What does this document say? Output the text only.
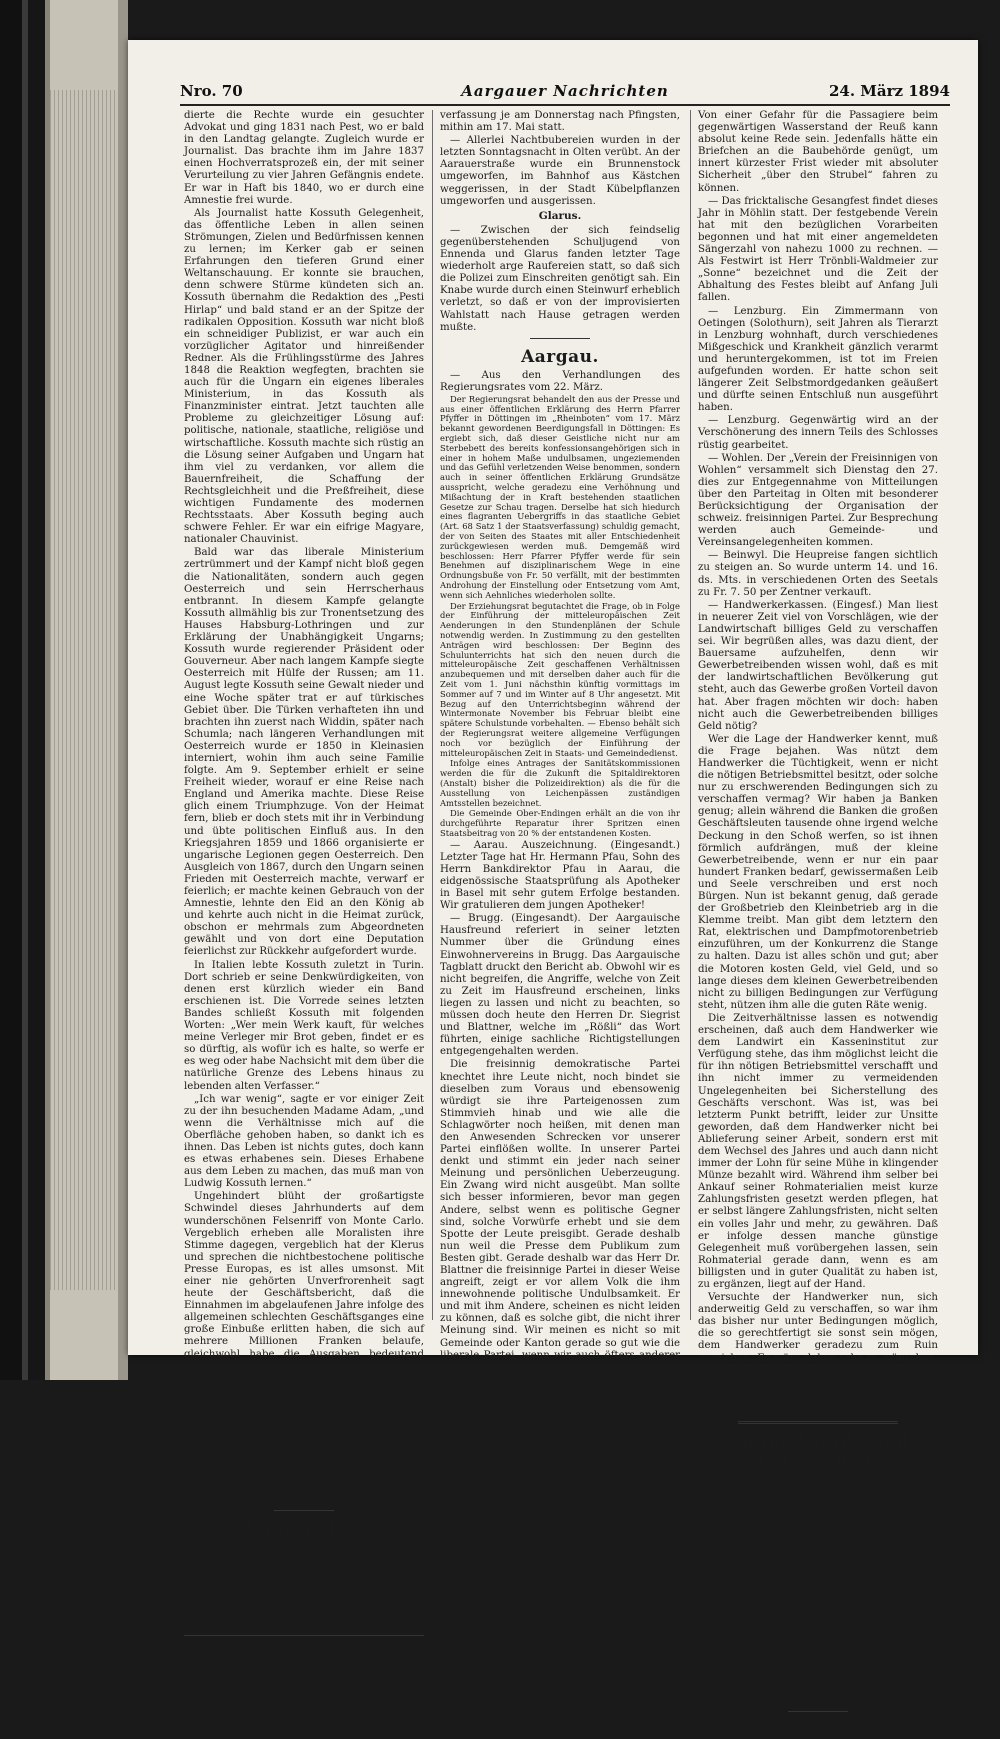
Nro. 70	Aargauer Nachrichten	24. März 1894

dierte die Rechte wurde ein gesuchter Advokat und ging 1831 nach Pest, wo er bald in den Landtag gelangte. Zugleich wurde er Journalist. Das brachte ihm im Jahre 1837 einen Hochverratsprozeß ein, der mit seiner Verurteilung zu vier Jahren Gefängnis endete. Er war in Haft bis 1840, wo er durch eine Amnestie frei wurde.

Als Journalist hatte Kossuth Gelegenheit, das öffentliche Leben in allen seinen Strömungen, Zielen und Bedürfnissen kennen zu lernen; im Kerker gab er seinen Erfahrungen den tieferen Grund einer Weltanschauung. Er konnte sie brauchen, denn schwere Stürme kündeten sich an. Kossuth übernahm die Redaktion des „Pesti Hirlap“ und bald stand er an der Spitze der radikalen Opposition. Kossuth war nicht bloß ein schneidiger Publizist, er war auch ein vorzüglicher Agitator und hinreißender Redner. Als die Frühlingsstürme des Jahres 1848 die Reaktion wegfegten, brachten sie auch für die Ungarn ein eigenes liberales Ministerium, in das Kossuth als Finanzminister eintrat. Jetzt tauchten alle Probleme zu gleichzeitiger Lösung auf: politische, nationale, staatliche, religiöse und wirtschaftliche. Kossuth machte sich rüstig an die Lösung seiner Aufgaben und Ungarn hat ihm viel zu verdanken, vor allem die Bauernfreiheit, die Schaffung der Rechtsgleichheit und die Preßfreiheit, diese wichtigen Fundamente des modernen Rechtsstaats. Aber Kossuth beging auch schwere Fehler. Er war ein eifrige Magyare, nationaler Chauvinist.

Bald war das liberale Ministerium zertrümmert und der Kampf nicht bloß gegen die Nationalitäten, sondern auch gegen Oesterreich und sein Herrscherhaus entbrannt. In diesem Kampfe gelangte Kossuth allmählig bis zur Tronentsetzung des Hauses Habsburg-Lothringen und zur Erklärung der Unabhängigkeit Ungarns; Kossuth wurde regierender Präsident oder Gouverneur. Aber nach langem Kampfe siegte Oesterreich mit Hülfe der Russen; am 11. August legte Kossuth seine Gewalt nieder und eine Woche später trat er auf türkisches Gebiet über. Die Türken verhafteten ihn und brachten ihn zuerst nach Widdin, später nach Schumla; nach längeren Verhandlungen mit Oesterreich wurde er 1850 in Kleinasien interniert, wohin ihm auch seine Familie folgte. Am 9. September erhielt er seine Freiheit wieder, worauf er eine Reise nach England und Amerika machte. Diese Reise glich einem Triumphzuge. Von der Heimat fern, blieb er doch stets mit ihr in Verbindung und übte politischen Einfluß aus. In den Kriegsjahren 1859 und 1866 organisierte er ungarische Legionen gegen Oesterreich. Den Ausgleich von 1867, durch den Ungarn seinen Frieden mit Oesterreich machte, verwarf er feierlich; er machte keinen Gebrauch von der Amnestie, lehnte den Eid an den König ab und kehrte auch nicht in die Heimat zurück, obschon er mehrmals zum Abgeordneten gewählt und von dort eine Deputation feierlichst zur Rückkehr aufgefordert wurde.

In Italien lebte Kossuth zuletzt in Turin. Dort schrieb er seine Denkwürdigkeiten, von denen erst kürzlich wieder ein Band erschienen ist. Die Vorrede seines letzten Bandes schließt Kossuth mit folgenden Worten: „Wer mein Werk kauft, für welches meine Verleger mir Brot geben, findet er es so dürftig, als wofür ich es halte, so werfe er es weg oder habe Nachsicht mit dem über die natürliche Grenze des Lebens hinaus zu lebenden alten Verfasser.“

„Ich war wenig“, sagte er vor einiger Zeit zu der ihn besuchenden Madame Adam, „und wenn die Verhältnisse mich auf die Oberfläche gehoben haben, so dankt ich es ihnen. Das Leben ist nichts gutes, doch kann es etwas erhabenes sein. Dieses Erhabene aus dem Leben zu machen, das muß man von Ludwig Kossuth lernen.“

Ungehindert blüht der großartigste Schwindel dieses Jahrhunderts auf dem wunderschönen Felsenriff von Monte Carlo. Vergeblich erheben alle Moralisten ihre Stimme dagegen, vergeblich hat der Klerus und sprechen die nichtbestochene politische Presse Europas, es ist alles umsonst. Mit einer nie gehörten Unverfrorenheit sagt heute der Geschäftsbericht, daß die Einnahmen im abgelaufenen Jahre infolge des allgemeinen schlechten Geschäftsganges eine große Einbuße erlitten haben, die sich auf mehrere Millionen Franken belaufe, gleichwohl habe die Ausgaben bedeutend gestiegen sein. Es verzehren jetzt in Monte Carlo täglich 90 Züge, die teilweise von der Spielbank erhalten werden. Die Einnahmen der Spielbank dürften 1893 etwa 37 Millionen Franken betragen haben. Davon sind jedoch 20 Prozent für die Spielverluste der Bank in Abrechnung zu bringen, dann 12 Millionen Franken für das Fürstentum Monaco, Eisenbahnen, Neubauten u. s. w., sodaß für die Aktionäre „nur“ 16 Millionen Franken übrig bleiben. Ob es nicht doch des Sündengeldes mehr als genug wäre.

Kantonales.
Solothurn.

— Der Kirchgemeinderat der christkatholischen Kirche in Solothurn hat die Uebernahme der diesjährigen Nationalsynode der christkatholischen Kirche der Schweiz beschlossen. Dieselbe findet nach Vorschrift der Kirchen-

Barons Platz nahm, um sofort die Durchsuchung der Papiere zu beginnen; er tat mit ehrerbietiger Höflichkeit Jda ein, seine Tätigkeit zu beaufsichtigen; es sei ihm eine peinliche Pflichterfüllung, in diesen fremden Papieren und Briefen suchen zu müssen, aber es werde sehr erleichtert, wenn die Tochter des Barons die Kontrollierte. Eine Viertelstunde mochte etwa vergangen sein, da erklangen schnelle Schritte auf dem Gange draußen; die Tür wurde geöffnet, Werder trat in das Zimmer.

verfassung je am Donnerstag nach Pfingsten, mithin am 17. Mai statt.

— Allerlei Nachtbubereien wurden in der letzten Sonntagsnacht in Olten verübt. An der Aarauerstraße wurde ein Brunnenstock umgeworfen, im Bahnhof aus Kästchen weggerissen, in der Stadt Kübelpflanzen umgeworfen und ausgerissen.

Glarus.

— Zwischen der sich feindselig gegenüberstehenden Schuljugend von Ennenda und Glarus fanden letzter Tage wiederholt arge Raufereien statt, so daß sich die Polizei zum Einschreiten genötigt sah. Ein Knabe wurde durch einen Steinwurf erheblich verletzt, so daß er von der improvisierten Wahlstatt nach Hause getragen werden mußte.

Aargau.

— Aus den Verhandlungen des Regierungsrates vom 22. März.

Der Regierungsrat behandelt den aus der Presse und aus einer öffentlichen Erklärung des Herrn Pfarrer Pfyffer in Döttingen im „Rheinboten“ vom 17. März bekannt gewordenen Beerdigungsfall in Döttingen: Es ergiebt sich, daß dieser Geistliche nicht nur am Sterbebett des bereits konfessionsangehörigen sich in einer in hohem Maße undulbsamen, ungeziemenden und das Gefühl verletzenden Weise benommen, sondern auch in seiner öffentlichen Erklärung Grundsätze ausspricht, welche geradezu eine Verhöhnung und Mißachtung der in Kraft bestehenden staatlichen Gesetze zur Schau tragen. Derselbe hat sich hiedurch eines flagranten Uebergriffs in das staatliche Gebiet (Art. 68 Satz 1 der Staatsverfassung) schuldig gemacht, der von Seiten des Staates mit aller Entschiedenheit zurückgewiesen werden muß. Demgemäß wird beschlossen: Herr Pfarrer Pfyffer werde für sein Benehmen auf disziplinarischem Wege in eine Ordnungsbuße von Fr. 50 verfällt, mit der bestimmten Androhung der Einstellung oder Entsetzung vom Amt, wenn sich Aehnliches wiederholen sollte.

Der Erziehungsrat begutachtet die Frage, ob in Folge der Einführung der mitteleuropäischen Zeit Aenderungen in den Stundenplänen der Schule notwendig werden. In Zustimmung zu den gestellten Anträgen wird beschlossen: Der Beginn des Schulunterrichts hat sich den neuen durch die mitteleuropäische Zeit geschaffenen Verhältnissen anzubequemen und mit derselben daher auch für die Zeit vom 1. Juni nächsthin künftig vormittags im Sommer auf 7 und im Winter auf 8 Uhr angesetzt. Mit Bezug auf den Unterrichtsbeginn während der Wintermonate November bis Februar bleibt eine spätere Schulstunde vorbehalten. — Ebenso behält sich der Regierungsrat weitere allgemeine Verfügungen noch vor bezüglich der Einführung der mitteleuropäischen Zeit in Staats- und Gemeindedienst.

Infolge eines Antrages der Sanitätskommissionen werden die für die Zukunft die Spitaldirektoren (Anstalt) bisher die Polizeidirektion) als die für die Ausstellung von Leichenpässen zuständigen Amtsstellen bezeichnet.

Die Gemeinde Ober-Endingen erhält an die von ihr durchgeführte Reparatur ihrer Spritzen einen Staatsbeitrag von 20 % der entstandenen Kosten.

— Aarau. Auszeichnung. (Eingesandt.) Letzter Tage hat Hr. Hermann Pfau, Sohn des Herrn Bankdirektor Pfau in Aarau, die eidgenössische Staatsprüfung als Apotheker in Basel mit sehr gutem Erfolge bestanden. Wir gratulieren dem jungen Apotheker!

— Brugg. (Eingesandt). Der Aargauische Hausfreund referiert in seiner letzten Nummer über die Gründung eines Einwohnervereins in Brugg. Das Aargauische Tagblatt druckt den Bericht ab. Obwohl wir es nicht begreifen, die Angriffe, welche von Zeit zu Zeit im Hausfreund erscheinen, links liegen zu lassen und nicht zu beachten, so müssen doch heute den Herren Dr. Siegrist und Blattner, welche im „Rößli“ das Wort führten, einige sachliche Richtigstellungen entgegengehalten werden.

Die freisinnig demokratische Partei knechtet ihre Leute nicht, noch bindet sie dieselben zum Voraus und ebensowenig würdigt sie ihre Parteigenossen zum Stimmvieh hinab und wie alle die Schlagwörter noch heißen, mit denen man den Anwesenden Schrecken vor unserer Partei einflößen wollte. In unserer Partei denkt und stimmt ein jeder nach seiner Meinung und persönlichen Ueberzeugung. Ein Zwang wird nicht ausgeübt. Man sollte sich besser informieren, bevor man gegen Andere, selbst wenn es politische Gegner sind, solche Vorwürfe erhebt und sie dem Spotte der Leute preisgibt. Gerade deshalb nun weil die Presse dem Publikum zum Besten gibt. Gerade deshalb war das Herr Dr. Blattner die freisinnige Partei in dieser Weise angreift, zeigt er vor allem Volk die ihm innewohnende politische Undulbsamkeit. Er und mit ihm Andere, scheinen es nicht leiden zu können, daß es solche gibt, die nicht ihrer Meinung sind. Wir meinen es nicht so mit Gemeinde oder Kanton gerade so gut wie die liberale Partei, wenn wir auch öfters anderer Meinung sind als diese. Der Einwohnerverein in Brugg wurde ganz speziell als Rüstzeug gegen die freisinnig demokratische Partei gegründet. Die Gründung wurde durch Unterschriftensammlung eingeleitet, welche den Zweck gehabt haben soll, zu wissen, wer in Brugg zur liberalen Partei stehe. In der Sitzung des Initiativkomitee blieb der Antrag, Jedermann öffentlich zur Gründung in's „Rößli“ einzuladen, in Minderheit und es wurde beschlossen, nur den Hand gesinnungstüchtige einzuladen. Ein auf solch einseitiger Grundlage gegründeter Verein ist nicht geeignet, die Gegensätze zu versöhnen, weil er eben selbst fest auf dem Boden einer Partei steht. Trotzdem aber maßt er sich den Namen Einwohnerverein an, als ob er die ganze Einwohnerschaft vertrete.

— Baden. * Infolge der Interpellation im Großen Rat hat letzter Tage eine genaue Untersuchung der im Privatbesitz befindlichen Neußfähre Gnadenthal stattgefunden.

Wie wir vernehmen, sollen die Fähreinrichtungen einem starken Hochwasser gegenüber allerdings in einigen Beziehungen nicht alle wünschbaren Garantien bieten. Die Anstalt Gnadenthal, als derzeitige Besitzerin der Fähre ist daher angewiesen worden, eine Anzahl Reparaturen vorzunehmen.

Von einer Gefahr für die Passagiere beim gegenwärtigen Wasserstand der Reuß kann absolut keine Rede sein. Jedenfalls hätte ein Briefchen an die Baubehörde genügt, um innert kürzester Frist wieder mit absoluter Sicherheit „über den Strubel“ fahren zu können.

— Das fricktalische Gesangfest findet dieses Jahr in Möhlin statt. Der festgebende Verein hat mit den bezüglichen Vorarbeiten begonnen und hat mit einer angemeldeten Sängerzahl von nahezu 1000 zu rechnen. — Als Festwirt ist Herr Trönbli-Waldmeier zur „Sonne“ bezeichnet und die Zeit der Abhaltung des Festes bleibt auf Anfang Juli fallen.

— Lenzburg. Ein Zimmermann von Oetingen (Solothurn), seit Jahren als Tierarzt in Lenzburg wohnhaft, durch verschiedenes Mißgeschick und Krankheit gänzlich verarmt und heruntergekommen, ist tot im Freien aufgefunden worden. Er hatte schon seit längerer Zeit Selbstmordgedanken geäußert und dürfte seinen Entschluß nun ausgeführt haben.

— Lenzburg. Gegenwärtig wird an der Verschönerung des innern Teils des Schlosses rüstig gearbeitet.

— Wohlen. Der „Verein der Freisinnigen von Wohlen“ versammelt sich Dienstag den 27. dies zur Entgegennahme von Mitteilungen über den Parteitag in Olten mit besonderer Berücksichtigung der Organisation der schweiz. freisinnigen Partei. Zur Besprechung werden auch Gemeinde- und Vereinsangelegenheiten kommen.

— Beinwyl. Die Heupreise fangen sichtlich zu steigen an. So wurde unterm 14. und 16. ds. Mts. in verschiedenen Orten des Seetals zu Fr. 7. 50 per Zentner verkauft.

— Handwerkerkassen. (Eingesf.) Man liest in neuerer Zeit viel von Vorschlägen, wie der Landwirtschaft billiges Geld zu verschaffen sei. Wir begrüßen alles, was dazu dient, der Bauersame aufzuhelfen, denn wir Gewerbetreibenden wissen wohl, daß es mit der landwirtschaftlichen Bevölkerung gut steht, auch das Gewerbe großen Vorteil davon hat. Aber fragen möchten wir doch: haben nicht auch die Gewerbetreibenden billiges Geld nötig?

Wer die Lage der Handwerker kennt, muß die Frage bejahen. Was nützt dem Handwerker die Tüchtigkeit, wenn er nicht die nötigen Betriebsmittel besitzt, oder solche nur zu erschwerenden Bedingungen sich zu verschaffen vermag? Wir haben ja Banken genug; allein während die Banken die großen Geschäftsleuten tausende ohne irgend welche Deckung in den Schoß werfen, so ist ihnen förmlich aufdrängen, muß der kleine Gewerbetreibende, wenn er nur ein paar hundert Franken bedarf, gewissermaßen Leib und Seele verschreiben und erst noch Bürgen. Nun ist bekannt genug, daß gerade der Großbetrieb den Kleinbetrieb arg in die Klemme treibt. Man gibt dem letztern den Rat, elektrischen und Dampfmotorenbetrieb einzuführen, um der Konkurrenz die Stange zu halten. Dazu ist alles schön und gut; aber die Motoren kosten Geld, viel Geld, und so lange dieses dem kleinen Gewerbetreibenden nicht zu billigen Bedingungen zur Verfügung steht, nützen ihm alle die guten Räte wenig.

Die Zeitverhältnisse lassen es notwendig erscheinen, daß auch dem Handwerker wie dem Landwirt ein Kasseninstitut zur Verfügung stehe, das ihm möglichst leicht die für ihn nötigen Betriebsmittel verschafft und ihn nicht immer zu vermeidenden Ungelegenheiten bei Sicherstellung des Geschäfts verschont. Was ist, was bei letzterm Punkt betrifft, leider zur Unsitte geworden, daß dem Handwerker nicht bei Ablieferung seiner Arbeit, sondern erst mit dem Wechsel des Jahres und auch dann nicht immer der Lohn für seine Mühe in klingender Münze bezahlt wird. Während ihm selber bei Ankauf seiner Rohmaterialien meist kurze Zahlungsfristen gesetzt werden pflegen, hat er selbst längere Zahlungsfristen, nicht selten ein volles Jahr und mehr, zu gewähren. Daß er infolge dessen manche günstige Gelegenheit muß vorübergehen lassen, sein Rohmaterial gerade dann, wenn es am billigsten und in guter Qualität zu haben ist, zu ergänzen, liegt auf der Hand.

Versuchte der Handwerker nun, sich anderweitig Geld zu verschaffen, so war ihm das bisher nur unter Bedingungen möglich, die so gerechtfertigt sie sonst sein mögen, dem Handwerker geradezu zum Ruin gereichen. Es wäre daher sehr zu wünschen, daß die Gründung von Handwerkerkassen in Angriff genommen würden, durch welche der Handwerker zu jeder Zeit sich billiges Geld zu verschaffen in der Lage ist.

Unglücksfälle und Verbrechen.

— Der ehemalige Bürgermeister von St. Clair (Frankreich), der Landwirt Franqual, ermordete seine Frau und ließ sich dann von einem Bahnzug überfahren.

— Während an dem explodierten untergegangenen Schiff „Machicaco“ in Santander Arbeiten vorgenommen wurden, entstand eine Explosion. Die Telegraphendrähte sind abgerissen.

Die Ursache ist nicht bekannt. Nach den letzten Nachrichten sind zehn Personen umgekommen und 27 verwundet worden, darunter fünf schwer. Die Bevölkerung ist von Panik ergriffen, befürchtet weitere Explosionen, durchrennt die Straßen, beschuldigt die Behörden des Mangels an Voraussicht. Die Garnison und die Polizei sind verstärkt worden. Patrouillen durchziehen die Straßen.
